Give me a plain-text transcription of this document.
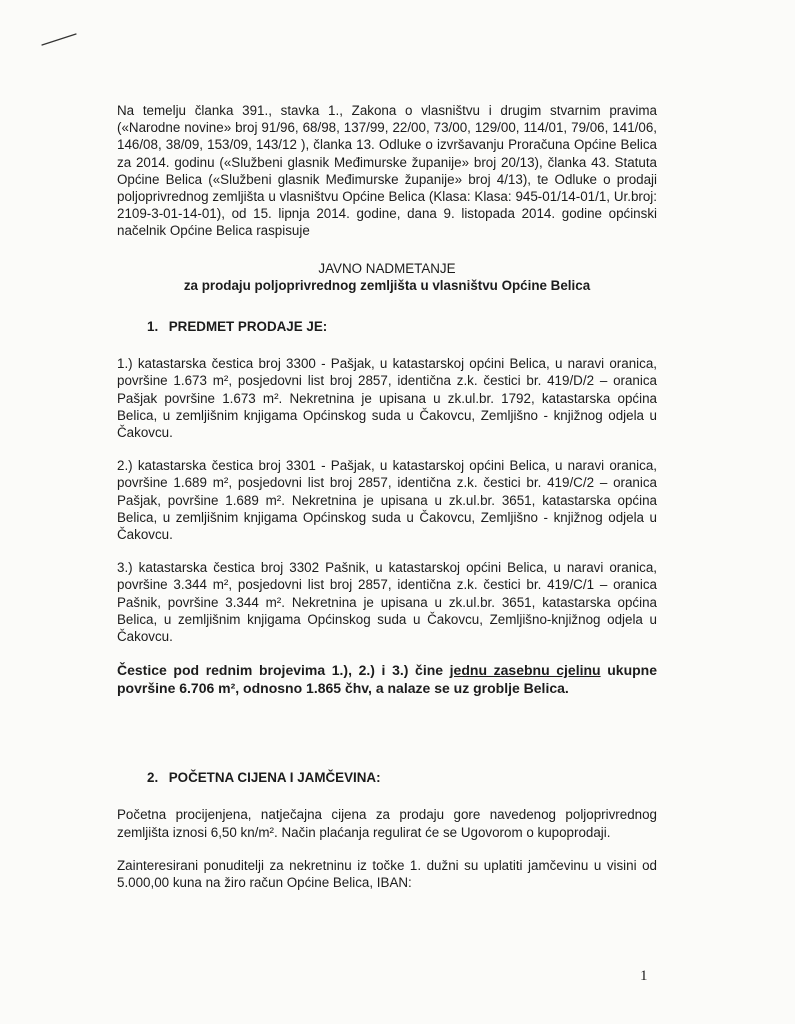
Na temelju članka 391., stavka 1., Zakona o vlasništvu i drugim stvarnim pravima («Narodne novine» broj 91/96, 68/98, 137/99, 22/00, 73/00, 129/00, 114/01, 79/06, 141/06, 146/08, 38/09, 153/09, 143/12 ), članka 13. Odluke o izvršavanju Proračuna Općine Belica za 2014. godinu («Službeni glasnik Međimurske županije» broj 20/13), članka 43. Statuta Općine Belica («Službeni glasnik Međimurske županije» broj 4/13), te Odluke o prodaji poljoprivrednog zemljišta u vlasništvu Općine Belica (Klasa: Klasa: 945-01/14-01/1, Ur.broj: 2109-3-01-14-01), od 15. lipnja 2014. godine, dana 9. listopada 2014. godine općinski načelnik Općine Belica raspisuje

JAVNO NADMETANJE

za prodaju poljoprivrednog zemljišta u vlasništvu Općine Belica

1. PREDMET PRODAJE JE:

1.) katastarska čestica broj 3300 - Pašjak, u katastarskoj općini Belica, u naravi oranica, površine 1.673 m², posjedovni list broj 2857, identična z.k. čestici br. 419/D/2 – oranica Pašjak površine 1.673 m². Nekretnina je upisana u zk.ul.br. 1792, katastarska općina Belica, u zemljišnim knjigama Općinskog suda u Čakovcu, Zemljišno - knjižnog odjela u Čakovcu.

2.) katastarska čestica broj 3301 - Pašjak, u katastarskoj općini Belica, u naravi oranica, površine 1.689 m², posjedovni list broj 2857, identična z.k. čestici br. 419/C/2 – oranica Pašjak, površine 1.689 m². Nekretnina je upisana u zk.ul.br. 3651, katastarska općina Belica, u zemljišnim knjigama Općinskog suda u Čakovcu, Zemljišno - knjižnog odjela u Čakovcu.

3.) katastarska čestica broj 3302 Pašnik, u katastarskoj općini Belica, u naravi oranica, površine 3.344 m², posjedovni list broj 2857, identična z.k. čestici br. 419/C/1 – oranica Pašnik, površine 3.344 m². Nekretnina je upisana u zk.ul.br. 3651, katastarska općina Belica, u zemljišnim knjigama Općinskog suda u Čakovcu, Zemljišno-knjižnog odjela u Čakovcu.

Čestice pod rednim brojevima 1.), 2.) i 3.) čine jednu zasebnu cjelinu ukupne površine 6.706 m², odnosno 1.865 čhv, a nalaze se uz groblje Belica.

2. POČETNA CIJENA I JAMČEVINA:

Početna procijenjena, natječajna cijena za prodaju gore navedenog poljoprivrednog zemljišta iznosi 6,50 kn/m². Način plaćanja regulirat će se Ugovorom o kupoprodaji.

Zainteresirani ponuditelji za nekretninu iz točke 1. dužni su uplatiti jamčevinu u visini od 5.000,00 kuna na žiro račun Općine Belica, IBAN:

1
